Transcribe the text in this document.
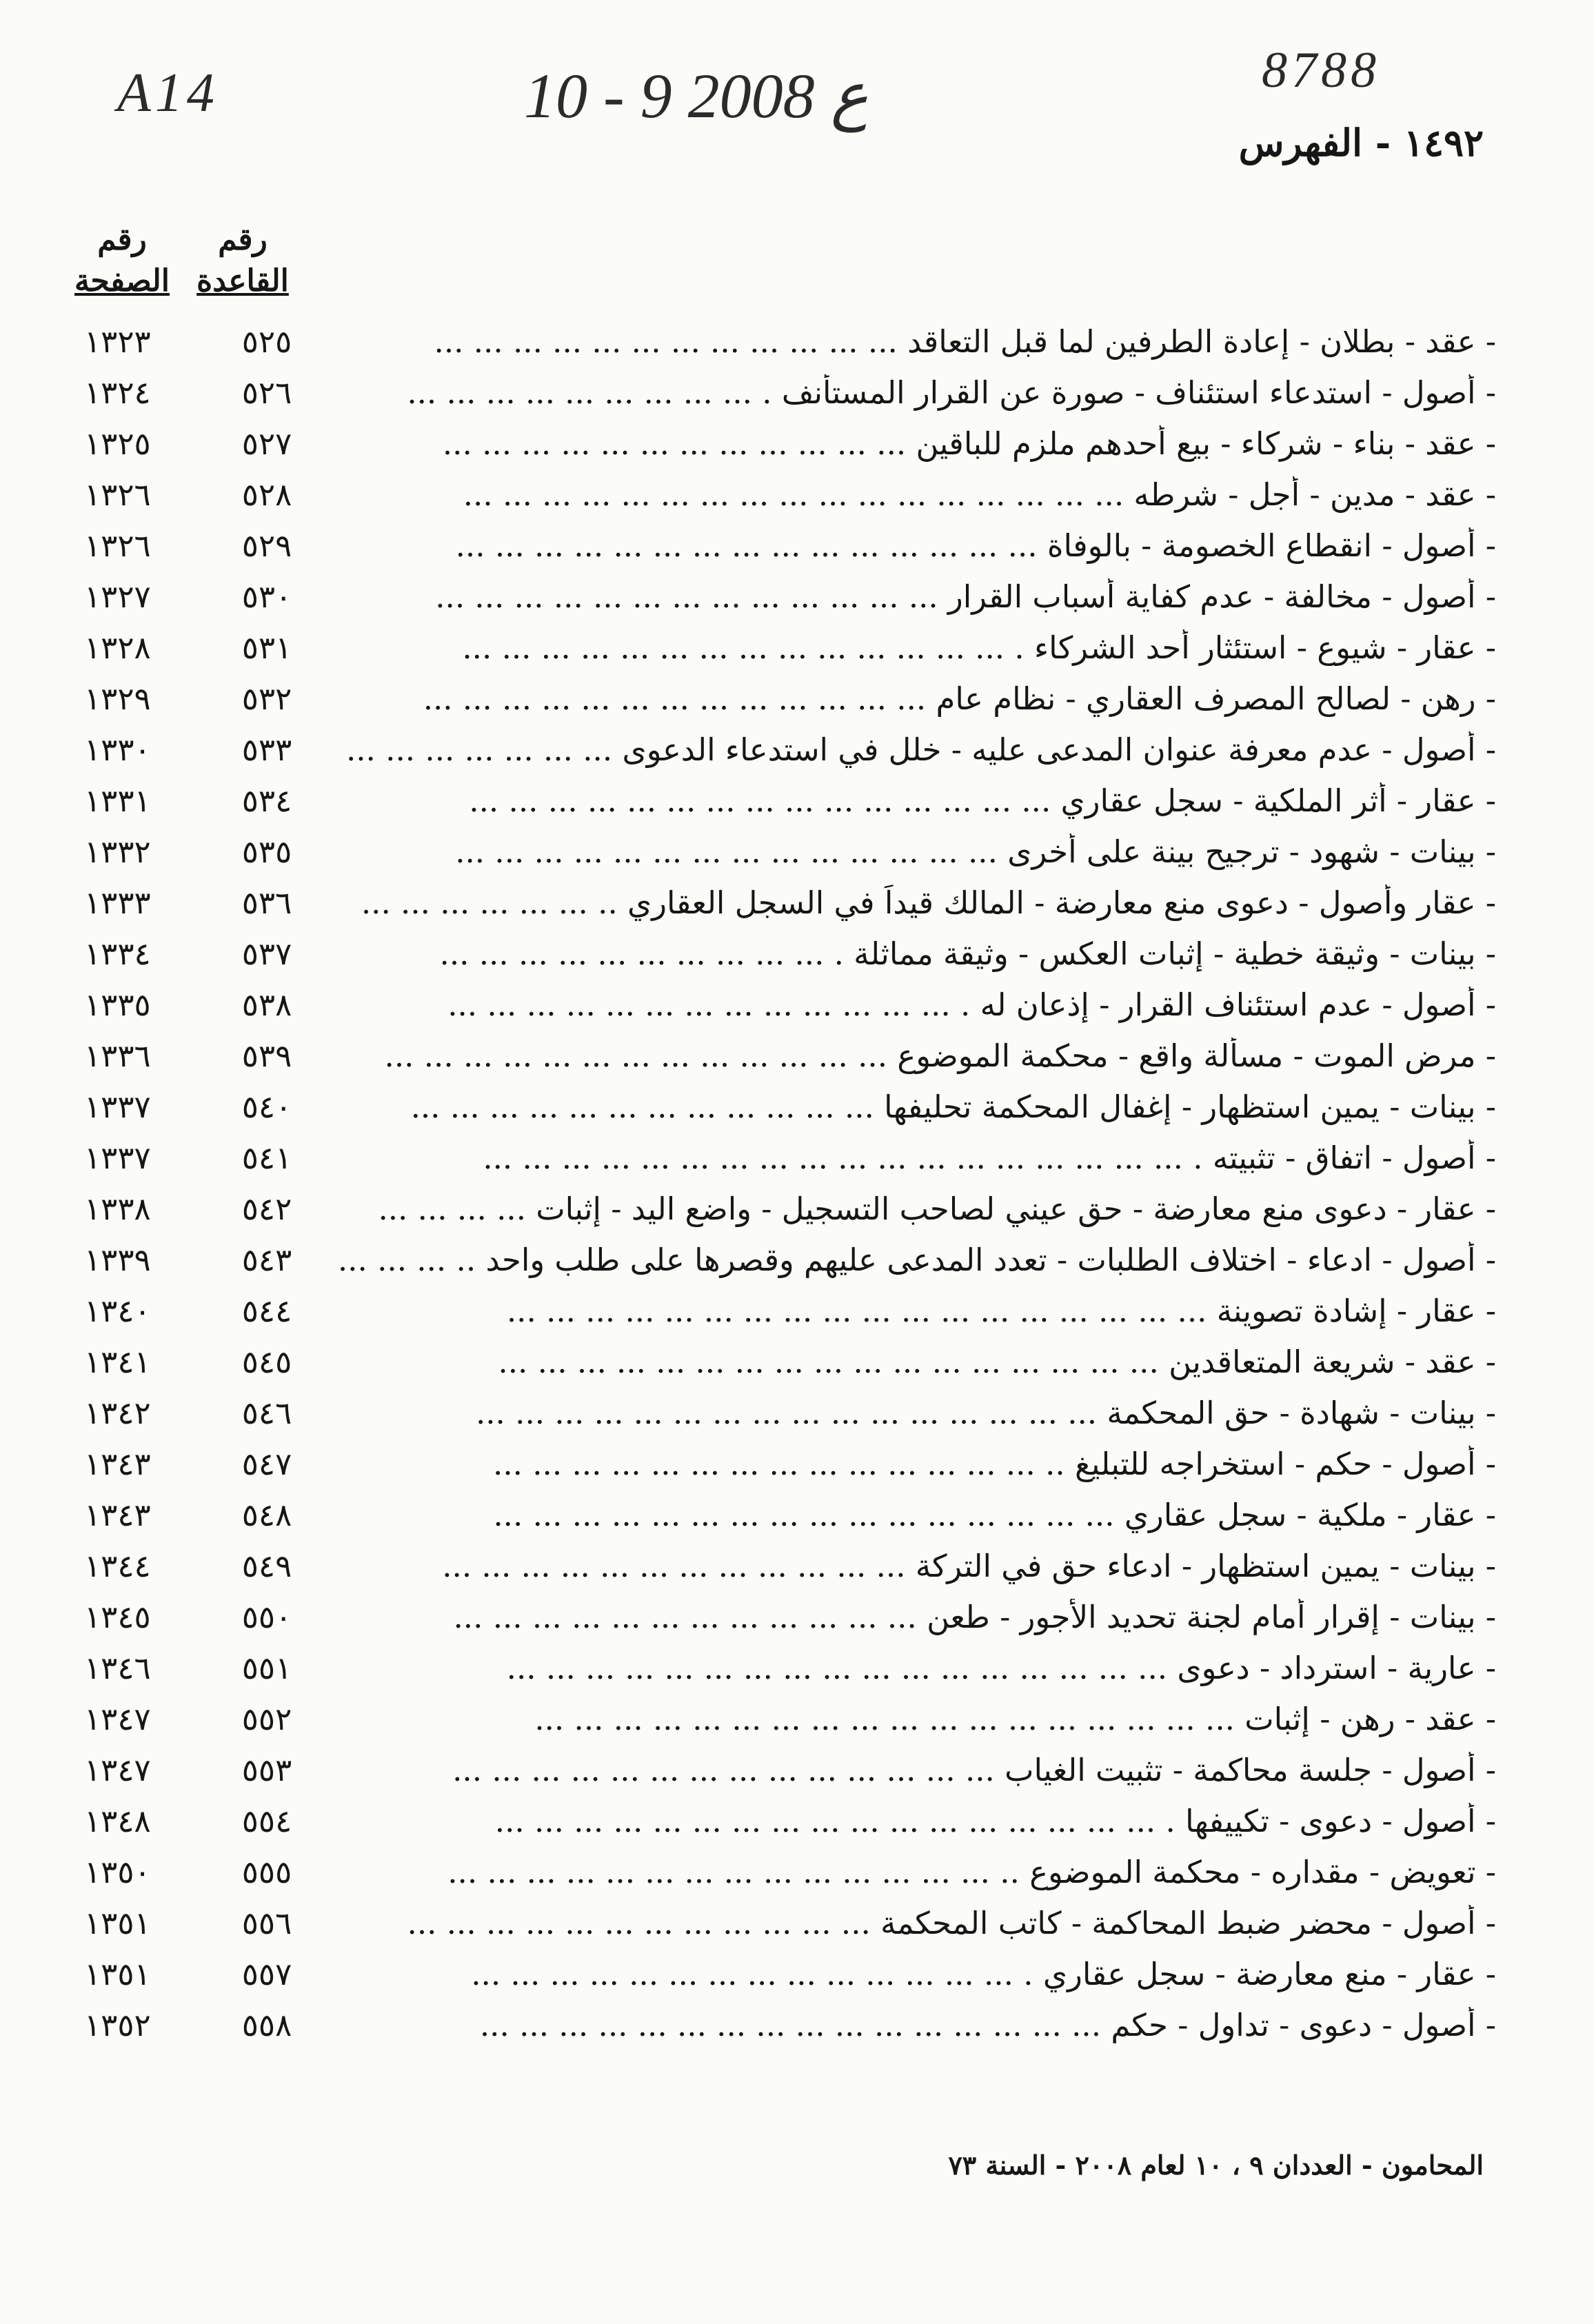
A14	10 - 9 ع 2008	8788
١٤٩٢ - الفهرس
رقم
القاعدة
رقم
الصفحة
- عقد - بطلان - إعادة الطرفين لما قبل التعاقد ... ... ... ... ... ... ... ... ... ... ... ...
٥٢٥
١٣٢٣
- أصول - استدعاء استئناف - صورة عن القرار المستأنف . ... ... ... ... ... ... ... ... ...
٥٢٦
١٣٢٤
- عقد - بناء - شركاء - بيع أحدهم ملزم للباقين ... ... ... ... ... ... ... ... ... ... ... ...
٥٢٧
١٣٢٥
- عقد - مدين - أجل - شرطه ... ... ... ... ... ... ... ... ... ... ... ... ... ... ... ... ...
٥٢٨
١٣٢٦
- أصول - انقطاع الخصومة - بالوفاة ... ... ... ... ... ... ... ... ... ... ... ... ... ... ...
٥٢٩
١٣٢٦
- أصول - مخالفة - عدم كفاية أسباب القرار ... ... ... ... ... ... ... ... ... ... ... ... ...
٥٣٠
١٣٢٧
- عقار - شيوع - استئثار أحد الشركاء . ... ... ... ... ... ... ... ... ... ... ... ... ... ...
٥٣١
١٣٢٨
- رهن - لصالح المصرف العقاري - نظام عام ... ... ... ... ... ... ... ... ... ... ... ... ...
٥٣٢
١٣٢٩
- أصول - عدم معرفة عنوان المدعى عليه - خلل في استدعاء الدعوى ... ... ... ... ... ... ...
٥٣٣
١٣٣٠
- عقار - أثر الملكية - سجل عقاري ... ... ... ... ... ... ... ... ... ... ... ... ... ... ...
٥٣٤
١٣٣١
- بينات - شهود - ترجيح بينة على أخرى ... ... ... ... ... ... ... ... ... ... ... ... ... ...
٥٣٥
١٣٣٢
- عقار وأصول - دعوى منع معارضة - المالك قيداً في السجل العقاري .. ... ... ... ... ... ...
٥٣٦
١٣٣٣
- بينات - وثيقة خطية - إثبات العكس - وثيقة مماثلة . ... ... ... ... ... ... ... ... ... ...
٥٣٧
١٣٣٤
- أصول - عدم استئناف القرار - إذعان له . ... ... ... ... ... ... ... ... ... ... ... ... ...
٥٣٨
١٣٣٥
- مرض الموت - مسألة واقع - محكمة الموضوع ... ... ... ... ... ... ... ... ... ... ... ... ...
٥٣٩
١٣٣٦
- بينات - يمين استظهار - إغفال المحكمة تحليفها ... ... ... ... ... ... ... ... ... ... ... ...
٥٤٠
١٣٣٧
- أصول - اتفاق - تثبيته . ... ... ... ... ... ... ... ... ... ... ... ... ... ... ... ... ... ...
٥٤١
١٣٣٧
- عقار - دعوى منع معارضة - حق عيني لصاحب التسجيل - واضع اليد - إثبات ... ... ... ...
٥٤٢
١٣٣٨
- أصول - ادعاء - اختلاف الطلبات - تعدد المدعى عليهم وقصرها على طلب واحد .. ... ... ...
٥٤٣
١٣٣٩
- عقار - إشادة تصوينة ... ... ... ... ... ... ... ... ... ... ... ... ... ... ... ... ... ...
٥٤٤
١٣٤٠
- عقد - شريعة المتعاقدين ... ... ... ... ... ... ... ... ... ... ... ... ... ... ... ... ...
٥٤٥
١٣٤١
- بينات - شهادة - حق المحكمة ... ... ... ... ... ... ... ... ... ... ... ... ... ... ... ...
٥٤٦
١٣٤٢
- أصول - حكم - استخراجه للتبليغ .. ... ... ... ... ... ... ... ... ... ... ... ... ... ...
٥٤٧
١٣٤٣
- عقار - ملكية - سجل عقاري ... ... ... ... ... ... ... ... ... ... ... ... ... ... ... ...
٥٤٨
١٣٤٣
- بينات - يمين استظهار - ادعاء حق في التركة ... ... ... ... ... ... ... ... ... ... ... ...
٥٤٩
١٣٤٤
- بينات - إقرار أمام لجنة تحديد الأجور - طعن ... ... ... ... ... ... ... ... ... ... ... ...
٥٥٠
١٣٤٥
- عارية - استرداد - دعوى ... ... ... ... ... ... ... ... ... ... ... ... ... ... ... ... ...
٥٥١
١٣٤٦
- عقد - رهن - إثبات ... ... ... ... ... ... ... ... ... ... ... ... ... ... ... ... ... ...
٥٥٢
١٣٤٧
- أصول - جلسة محاكمة - تثبيت الغياب ... ... ... ... ... ... ... ... ... ... ... ... ... ...
٥٥٣
١٣٤٧
- أصول - دعوى - تكييفها . ... ... ... ... ... ... ... ... ... ... ... ... ... ... ... ... ...
٥٥٤
١٣٤٨
- تعويض - مقداره - محكمة الموضوع .. ... ... ... ... ... ... ... ... ... ... ... ... ... ...
٥٥٥
١٣٥٠
- أصول - محضر ضبط المحاكمة - كاتب المحكمة ... ... ... ... ... ... ... ... ... ... ... ...
٥٥٦
١٣٥١
- عقار - منع معارضة - سجل عقاري . ... ... ... ... ... ... ... ... ... ... ... ... ... ...
٥٥٧
١٣٥١
- أصول - دعوى - تداول - حكم ... ... ... ... ... ... ... ... ... ... ... ... ... ... ... ...
٥٥٨
١٣٥٢
المحامون - العددان ٩ ، ١٠ لعام ٢٠٠٨ - السنة ٧٣
